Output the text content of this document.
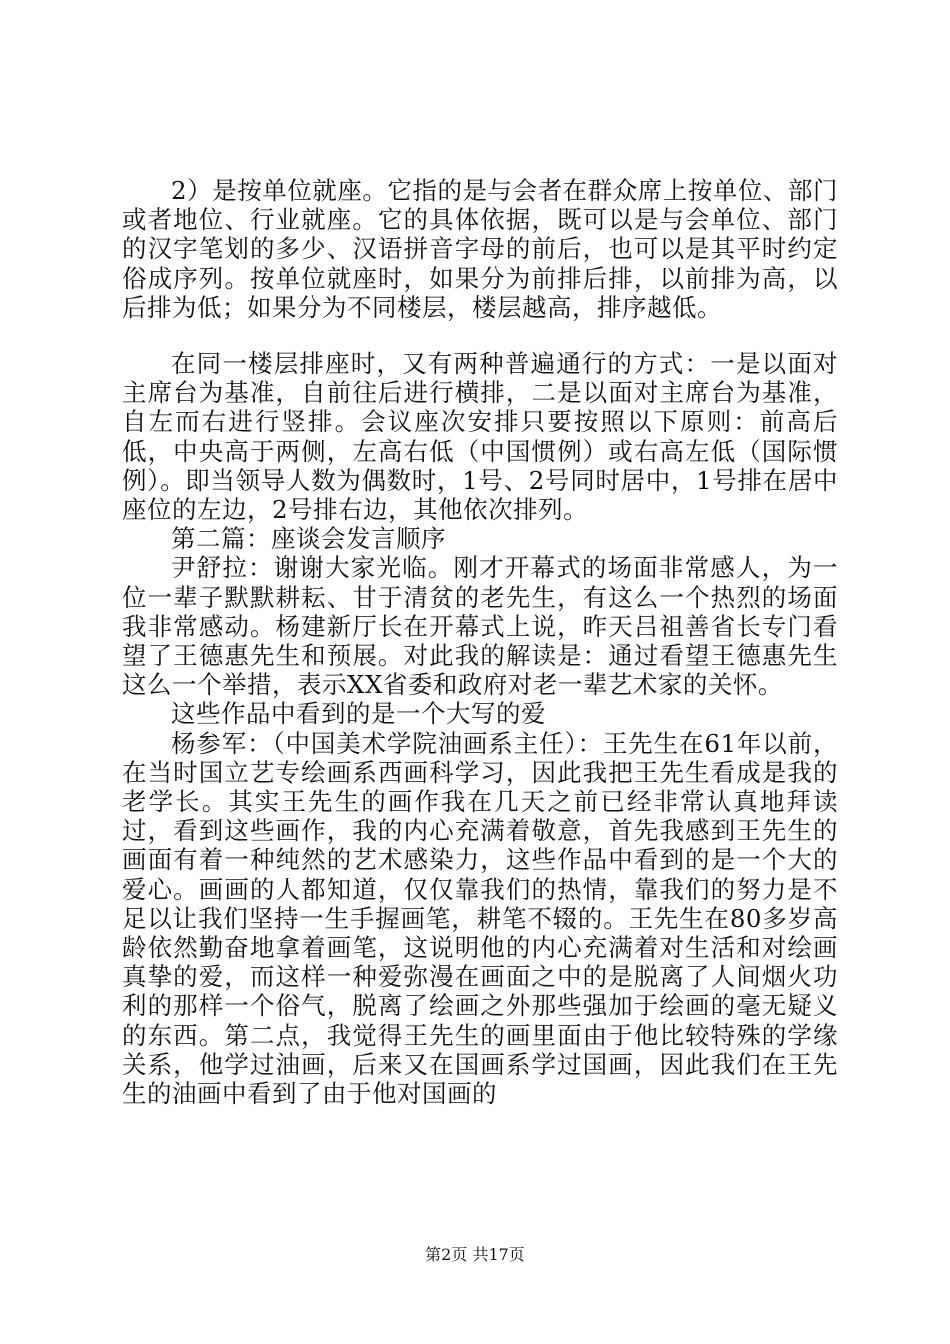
2）是按单位就座。它指的是与会者在群众席上按单位、部门或者地位、行业就座。它的具体依据，既可以是与会单位、部门的汉字笔划的多少、汉语拼音字母的前后，也可以是其平时约定俗成序列。按单位就座时，如果分为前排后排，以前排为高，以后排为低；如果分为不同楼层，楼层越高，排序越低。

在同一楼层排座时，又有两种普遍通行的方式：一是以面对主席台为基准，自前往后进行横排，二是以面对主席台为基准，自左而右进行竖排。会议座次安排只要按照以下原则：前高后低，中央高于两侧，左高右低（中国惯例）或右高左低（国际惯例）。即当领导人数为偶数时，1号、2号同时居中，1号排在居中座位的左边，2号排右边，其他依次排列。

第二篇：座谈会发言顺序

尹舒拉：谢谢大家光临。刚才开幕式的场面非常感人，为一位一辈子默默耕耘、甘于清贫的老先生，有这么一个热烈的场面我非常感动。杨建新厅长在开幕式上说，昨天吕祖善省长专门看望了王德惠先生和预展。对此我的解读是：通过看望王德惠先生这么一个举措，表示XX省委和政府对老一辈艺术家的关怀。

这些作品中看到的是一个大写的爱

杨参军：（中国美术学院油画系主任）：王先生在61年以前，在当时国立艺专绘画系西画科学习，因此我把王先生看成是我的老学长。其实王先生的画作我在几天之前已经非常认真地拜读过，看到这些画作，我的内心充满着敬意，首先我感到王先生的画面有着一种纯然的艺术感染力，这些作品中看到的是一个大的爱心。画画的人都知道，仅仅靠我们的热情，靠我们的努力是不足以让我们坚持一生手握画笔，耕笔不辍的。王先生在80多岁高龄依然勤奋地拿着画笔，这说明他的内心充满着对生活和对绘画真挚的爱，而这样一种爱弥漫在画面之中的是脱离了人间烟火功利的那样一个俗气，脱离了绘画之外那些强加于绘画的毫无疑义的东西。第二点，我觉得王先生的画里面由于他比较特殊的学缘关系，他学过油画，后来又在国画系学过国画，因此我们在王先生的油画中看到了由于他对国画的

第2页 共17页
